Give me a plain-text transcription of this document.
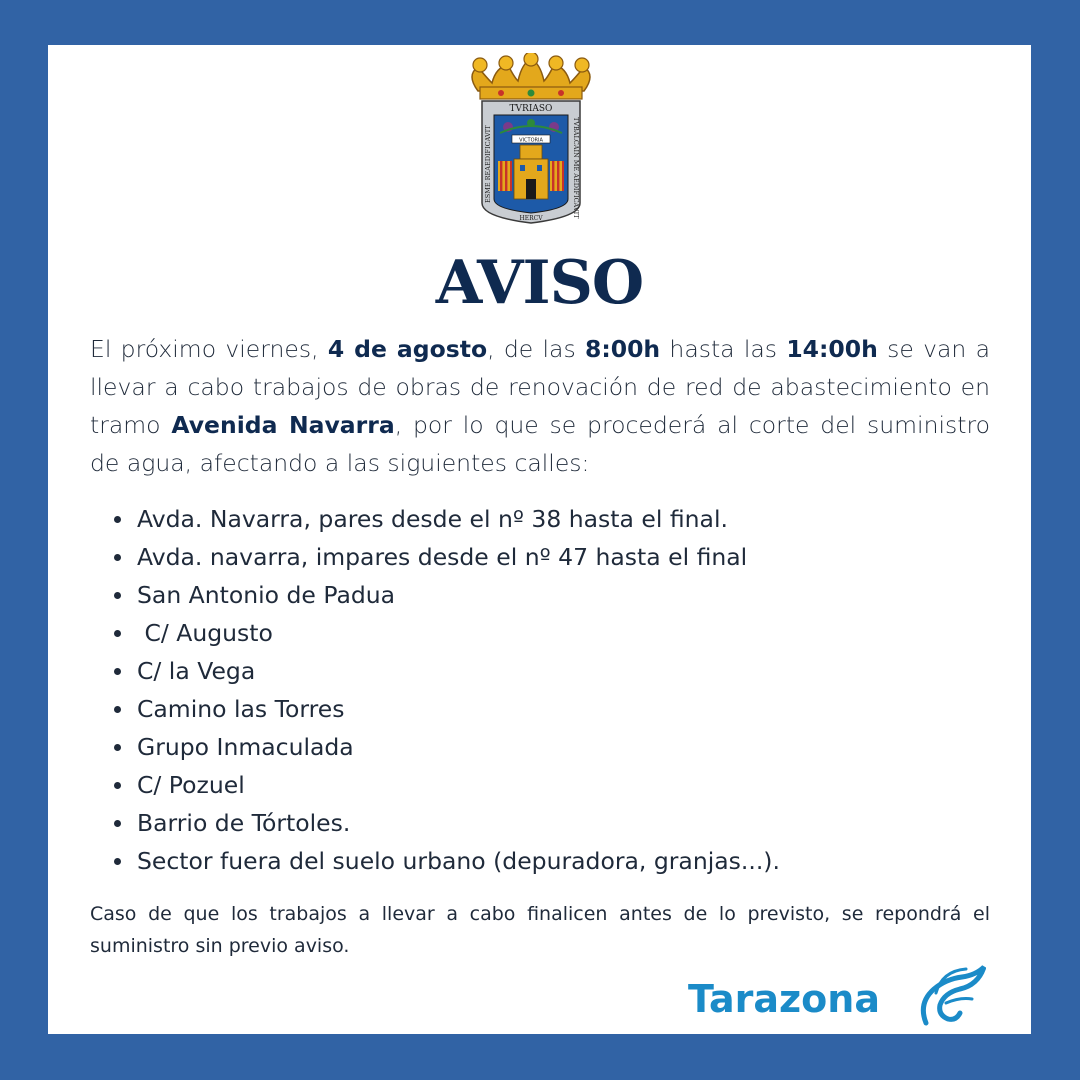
TVRIASO
ESME REAEDIFICAVIT	TVBALCAIN ME AEDIFICAVIT
HERCV
VICTORIA
AVISO

El próximo viernes, 4 de agosto, de las 8:00h hasta las 14:00h se van a llevar a cabo trabajos de obras de renovación de red de abastecimiento en tramo Avenida Navarra, por lo que se procederá al corte del suministro de agua, afectando a las siguientes calles:

Avda. Navarra, pares desde el nº 38 hasta el final.
Avda. navarra, impares desde el nº 47 hasta el final
San Antonio de Padua
C/ Augusto
C/ la Vega
Camino las Torres
Grupo Inmaculada
C/ Pozuel
Barrio de Tórtoles.
Sector fuera del suelo urbano (depuradora, granjas...).

Caso de que los trabajos a llevar a cabo finalicen antes de lo previsto, se repondrá el suministro sin previo aviso.

Tarazona
